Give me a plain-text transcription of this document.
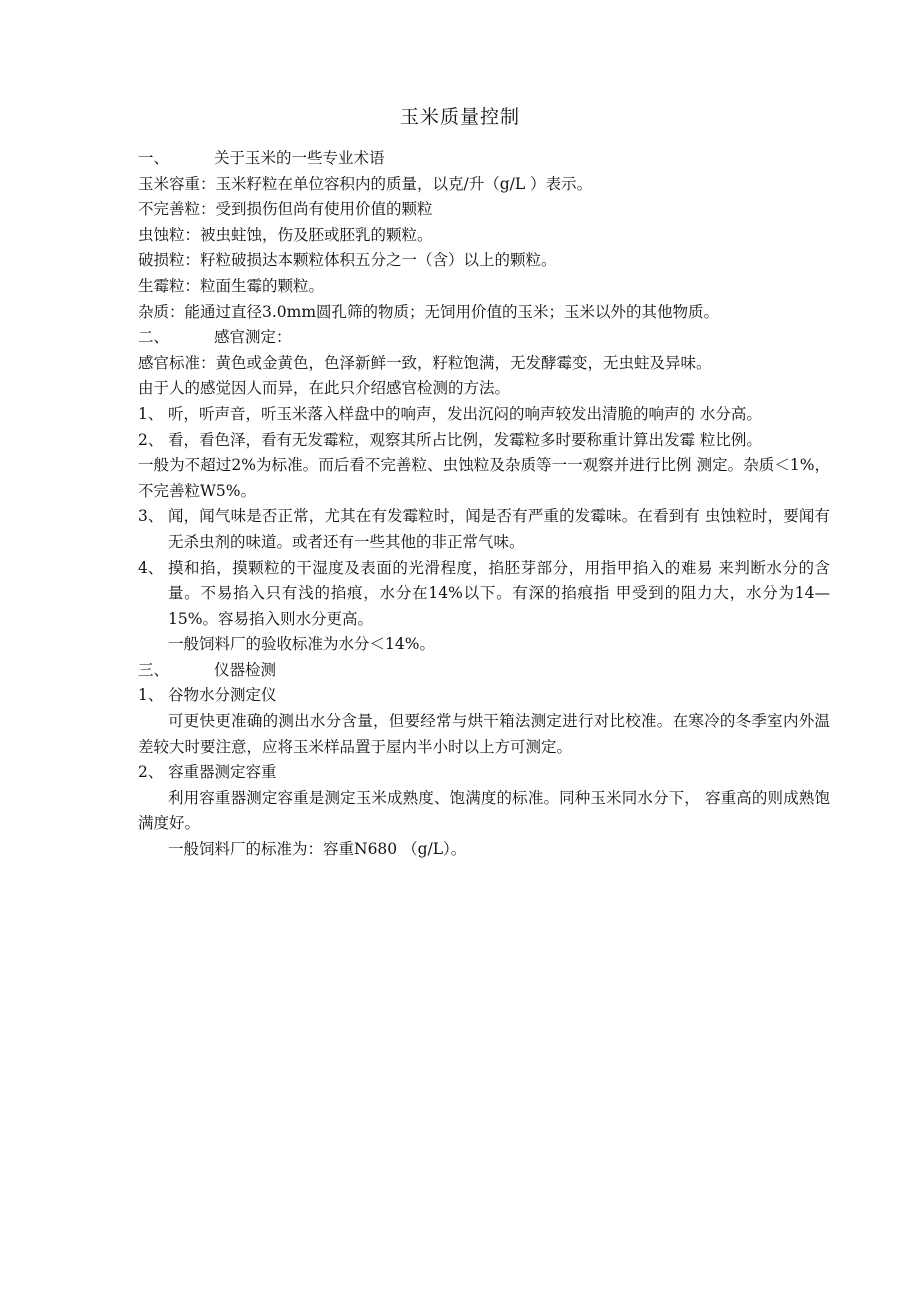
玉米质量控制
一、	关于玉米的一些专业术语
玉米容重：玉米籽粒在单位容积内的质量，以克/升（g/L ）表示。
不完善粒：受到损伤但尚有使用价值的颗粒
虫蚀粒：被虫蛀蚀，伤及胚或胚乳的颗粒。
破损粒：籽粒破损达本颗粒体积五分之一（含）以上的颗粒。
生霉粒：粒面生霉的颗粒。
杂质：能通过直径3.0mm圆孔筛的物质；无饲用价值的玉米；玉米以外的其他物质。
二、	感官测定：
感官标准：黄色或金黄色，色泽新鲜一致，籽粒饱满，无发酵霉变，无虫蛀及异味。
由于人的感觉因人而异，在此只介绍感官检测的方法。
1、 听，听声音，听玉米落入样盘中的响声，发出沉闷的响声较发出清脆的响声的 水分高。
2、 看，看色泽，看有无发霉粒，观察其所占比例，发霉粒多时要称重计算出发霉 粒比例。
一般为不超过2%为标准。而后看不完善粒、虫蚀粒及杂质等一一观察并进行比例 测定。杂质＜1%，不完善粒W5%。
3、 闻，闻气味是否正常，尤其在有发霉粒时，闻是否有严重的发霉味。在看到有 虫蚀粒时，要闻有无杀虫剂的味道。或者还有一些其他的非正常气味。
4、 摸和掐，摸颗粒的干湿度及表面的光滑程度，掐胚芽部分，用指甲掐入的难易 来判断水分的含量。不易掐入只有浅的掐痕，水分在14%以下。有深的掐痕指 甲受到的阻力大，水分为14—15%。容易掐入则水分更高。
一般饲料厂的验收标准为水分＜14%。
三、	仪器检测
1、 谷物水分测定仪
可更快更准确的测出水分含量，但要经常与烘干箱法测定进行对比校准。在寒冷的冬季室内外温差较大时要注意，应将玉米样品置于屋内半小时以上方可测定。
2、 容重器测定容重
利用容重器测定容重是测定玉米成熟度、饱满度的标准。同种玉米同水分下， 容重高的则成熟饱满度好。
一般饲料厂的标准为：容重N680 （g/L）。
